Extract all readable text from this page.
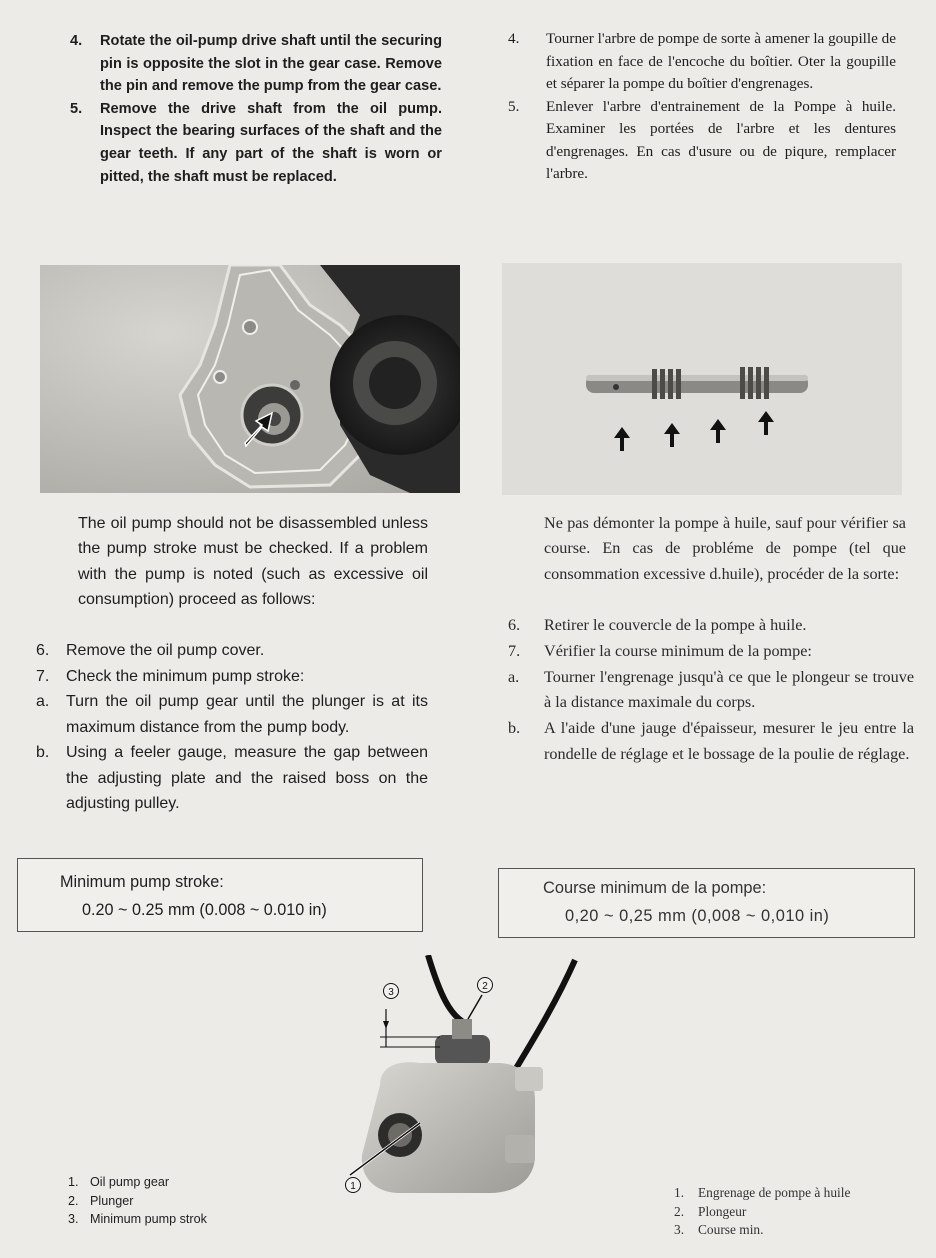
4. Rotate the oil-pump drive shaft until the securing pin is opposite the slot in the gear case. Remove the pin and remove the pump from the gear case.
5. Remove the drive shaft from the oil pump. Inspect the bearing surfaces of the shaft and the gear teeth. If any part of the shaft is worn or pitted, the shaft must be replaced.
4. Tourner l'arbre de pompe de sorte à amener la goupille de fixation en face de l'encoche du boîtier. Oter la goupille et séparer la pompe du boîtier d'engrenages.
5. Enlever l'arbre d'entrainement de la Pompe à huile. Examiner les portées de l'arbre et les dentures d'engrenages. En cas d'usure ou de piqure, remplacer l'arbre.

The oil pump should not be disassembled unless the pump stroke must be checked. If a problem with the pump is noted (such as excessive oil consumption) proceed as follows:

Ne pas démonter la pompe à huile, sauf pour vérifier sa course. En cas de probléme de pompe (tel que consommation excessive d.huile), procéder de la sorte:

6. Remove the oil pump cover.
7. Check the minimum pump stroke:
a. Turn the oil pump gear until the plunger is at its maximum distance from the pump body.
b. Using a feeler gauge, measure the gap between the adjusting plate and the raised boss on the adjusting pulley.
6. Retirer le couvercle de la pompe à huile.
7. Vérifier la course minimum de la pompe:
a. Tourner l'engrenage jusqu'à ce que le plongeur se trouve à la distance maximale du corps.
b. A l'aide d'une jauge d'épaisseur, mesurer le jeu entre la rondelle de réglage et le bossage de la poulie de réglage.
Minimum pump stroke:
0.20 ~ 0.25 mm (0.008 ~ 0.010 in)
Course minimum de la pompe:
0,20 ~ 0,25 mm (0,008 ~ 0,010 in)
3
2
1
1. Oil pump gear
2. Plunger
3. Minimum pump strok
1. Engrenage de pompe à huile
2. Plongeur
3. Course min.
